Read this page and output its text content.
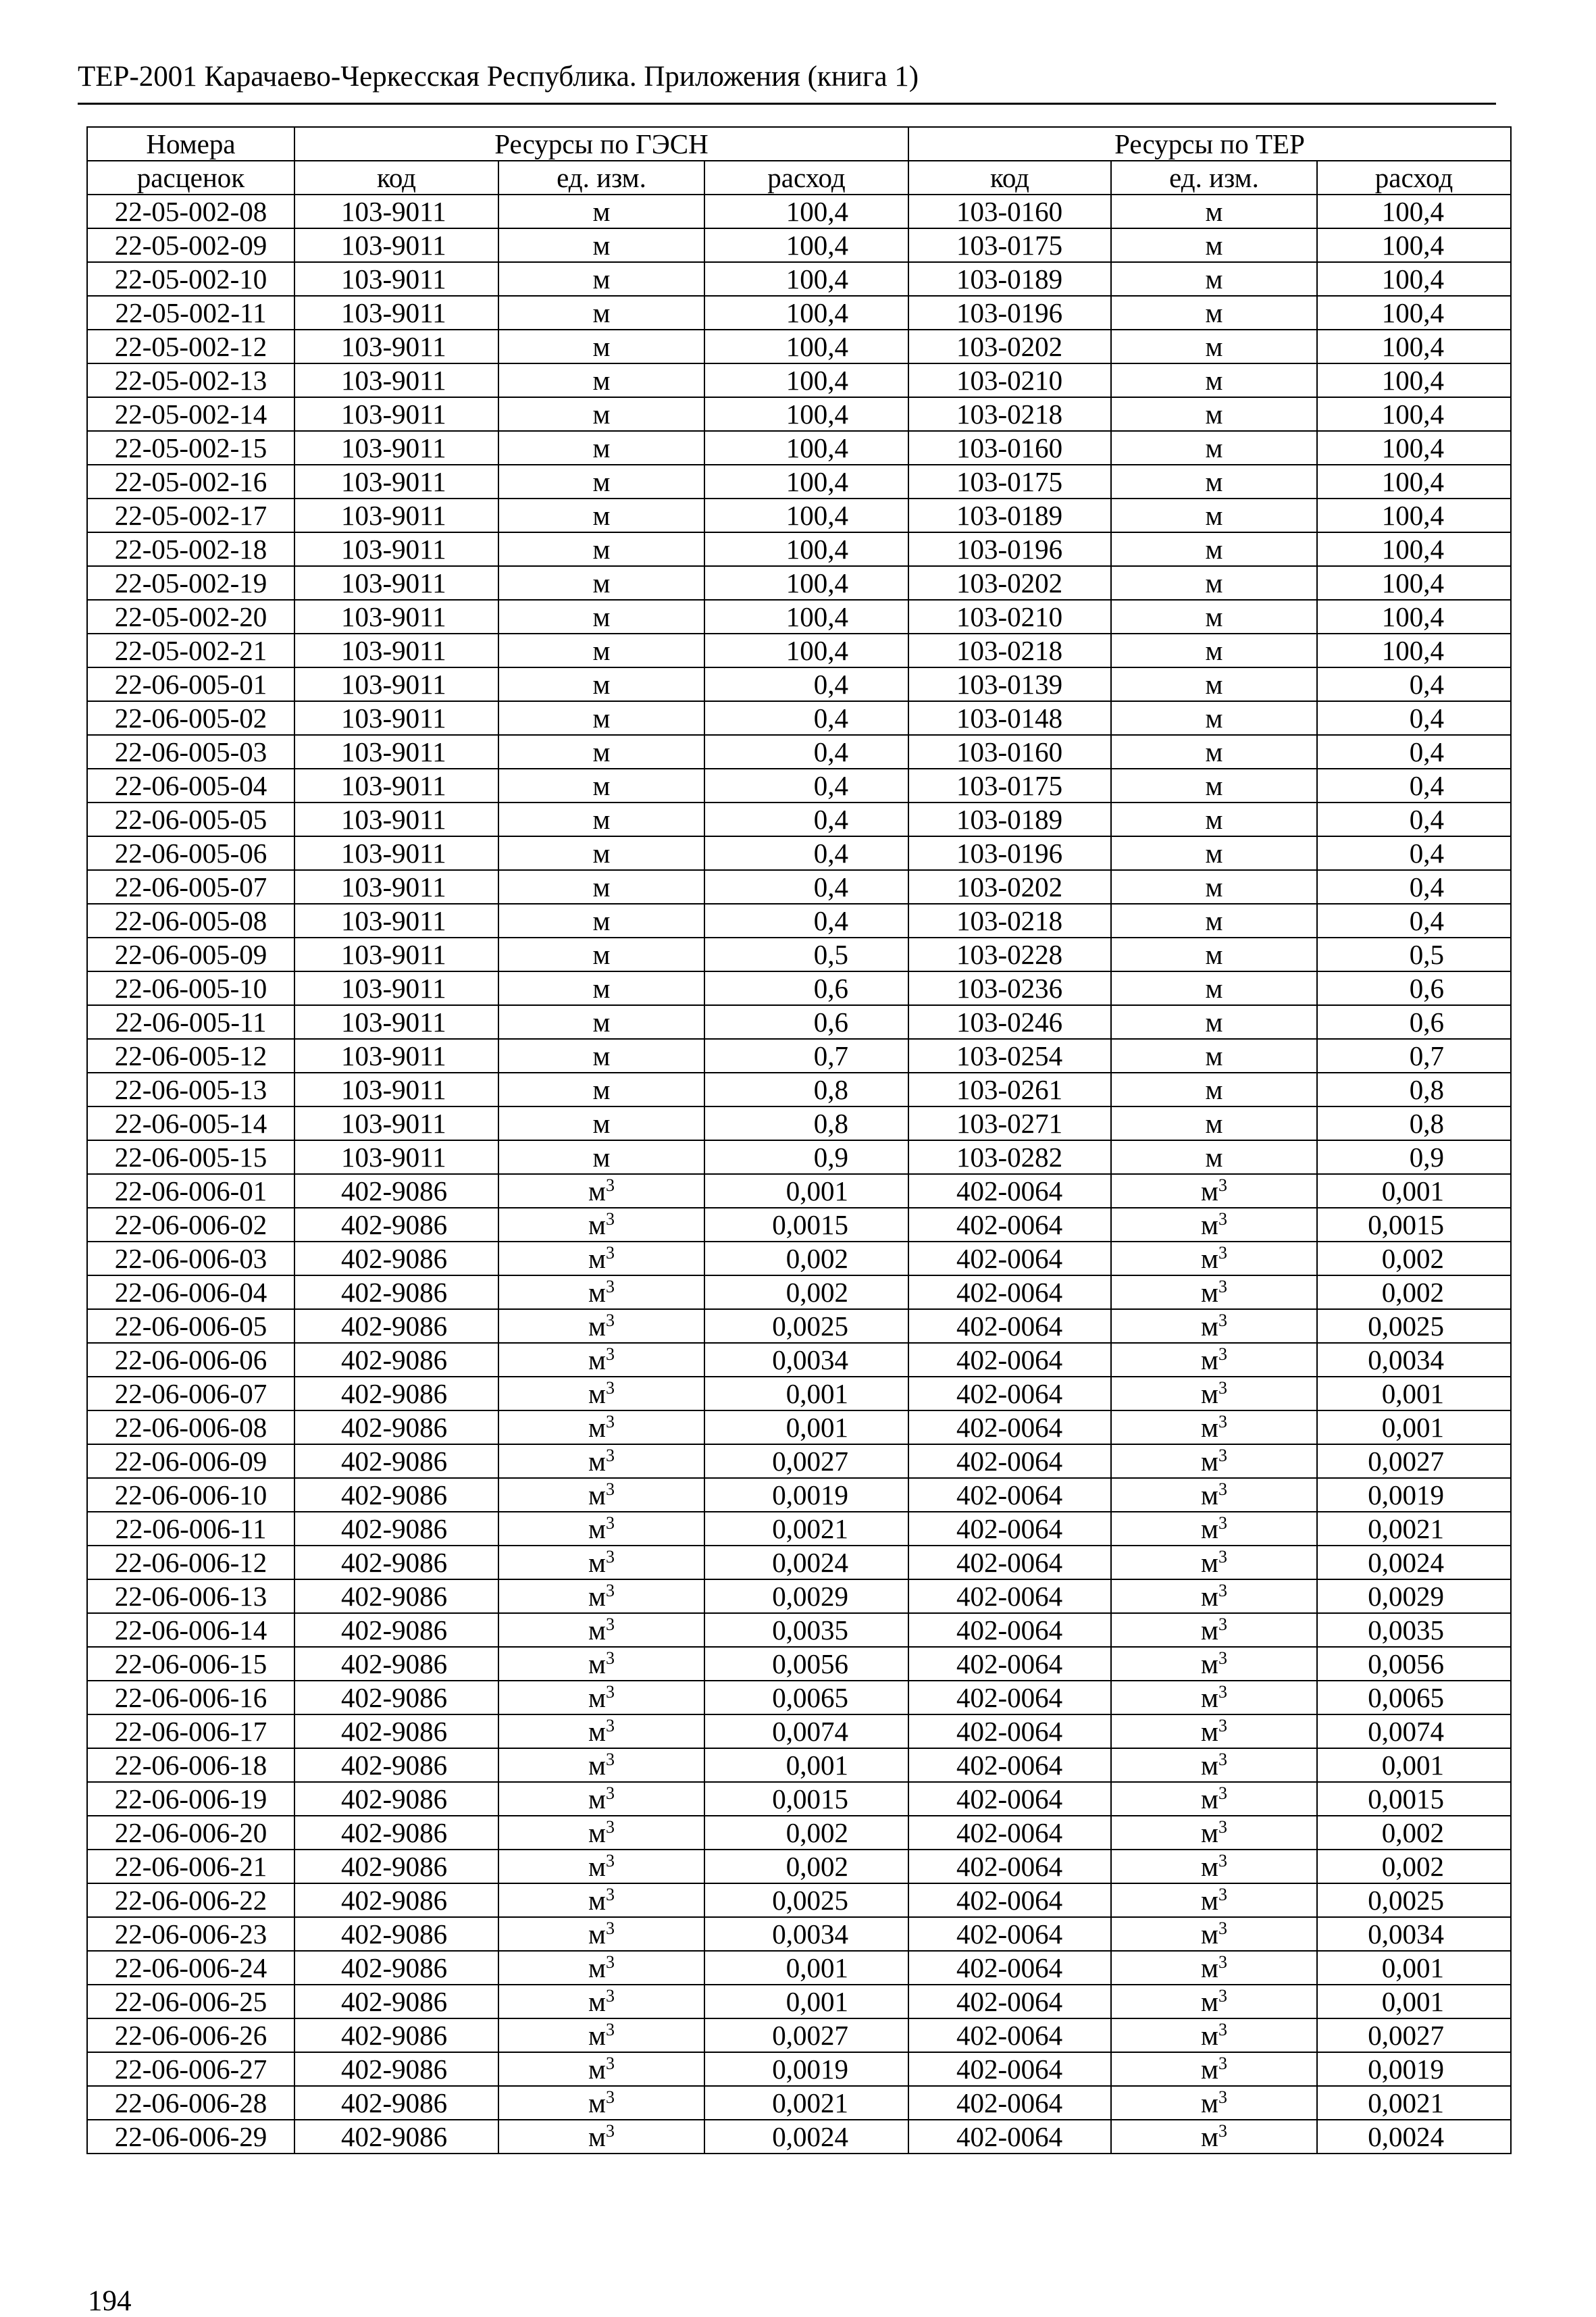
ТЕР-2001 Карачаево-Черкесская Республика. Приложения (книга 1)
Номера	Ресурсы по ГЭСН			Ресурсы по ТЕР		
расценок	код	ед. изм.	расход	код	ед. изм.	расход
22-05-002-08	103-9011	м	100,4	103-0160	м	100,4
22-05-002-09	103-9011	м	100,4	103-0175	м	100,4
22-05-002-10	103-9011	м	100,4	103-0189	м	100,4
22-05-002-11	103-9011	м	100,4	103-0196	м	100,4
22-05-002-12	103-9011	м	100,4	103-0202	м	100,4
22-05-002-13	103-9011	м	100,4	103-0210	м	100,4
22-05-002-14	103-9011	м	100,4	103-0218	м	100,4
22-05-002-15	103-9011	м	100,4	103-0160	м	100,4
22-05-002-16	103-9011	м	100,4	103-0175	м	100,4
22-05-002-17	103-9011	м	100,4	103-0189	м	100,4
22-05-002-18	103-9011	м	100,4	103-0196	м	100,4
22-05-002-19	103-9011	м	100,4	103-0202	м	100,4
22-05-002-20	103-9011	м	100,4	103-0210	м	100,4
22-05-002-21	103-9011	м	100,4	103-0218	м	100,4
22-06-005-01	103-9011	м	0,4	103-0139	м	0,4
22-06-005-02	103-9011	м	0,4	103-0148	м	0,4
22-06-005-03	103-9011	м	0,4	103-0160	м	0,4
22-06-005-04	103-9011	м	0,4	103-0175	м	0,4
22-06-005-05	103-9011	м	0,4	103-0189	м	0,4
22-06-005-06	103-9011	м	0,4	103-0196	м	0,4
22-06-005-07	103-9011	м	0,4	103-0202	м	0,4
22-06-005-08	103-9011	м	0,4	103-0218	м	0,4
22-06-005-09	103-9011	м	0,5	103-0228	м	0,5
22-06-005-10	103-9011	м	0,6	103-0236	м	0,6
22-06-005-11	103-9011	м	0,6	103-0246	м	0,6
22-06-005-12	103-9011	м	0,7	103-0254	м	0,7
22-06-005-13	103-9011	м	0,8	103-0261	м	0,8
22-06-005-14	103-9011	м	0,8	103-0271	м	0,8
22-06-005-15	103-9011	м	0,9	103-0282	м	0,9
22-06-006-01	402-9086	$м^3$	0,001	402-0064	$м^3$	0,001
22-06-006-02	402-9086	$м^3$	0,0015	402-0064	$м^3$	0,0015
22-06-006-03	402-9086	$м^3$	0,002	402-0064	$м^3$	0,002
22-06-006-04	402-9086	$м^3$	0,002	402-0064	$м^3$	0,002
22-06-006-05	402-9086	$м^3$	0,0025	402-0064	$м^3$	0,0025
22-06-006-06	402-9086	$м^3$	0,0034	402-0064	$м^3$	0,0034
22-06-006-07	402-9086	$м^3$	0,001	402-0064	$м^3$	0,001
22-06-006-08	402-9086	$м^3$	0,001	402-0064	$м^3$	0,001
22-06-006-09	402-9086	$м^3$	0,0027	402-0064	$м^3$	0,0027
22-06-006-10	402-9086	$м^3$	0,0019	402-0064	$м^3$	0,0019
22-06-006-11	402-9086	$м^3$	0,0021	402-0064	$м^3$	0,0021
22-06-006-12	402-9086	$м^3$	0,0024	402-0064	$м^3$	0,0024
22-06-006-13	402-9086	$м^3$	0,0029	402-0064	$м^3$	0,0029
22-06-006-14	402-9086	$м^3$	0,0035	402-0064	$м^3$	0,0035
22-06-006-15	402-9086	$м^3$	0,0056	402-0064	$м^3$	0,0056
22-06-006-16	402-9086	$м^3$	0,0065	402-0064	$м^3$	0,0065
22-06-006-17	402-9086	$м^3$	0,0074	402-0064	$м^3$	0,0074
22-06-006-18	402-9086	$м^3$	0,001	402-0064	$м^3$	0,001
22-06-006-19	402-9086	$м^3$	0,0015	402-0064	$м^3$	0,0015
22-06-006-20	402-9086	$м^3$	0,002	402-0064	$м^3$	0,002
22-06-006-21	402-9086	$м^3$	0,002	402-0064	$м^3$	0,002
22-06-006-22	402-9086	$м^3$	0,0025	402-0064	$м^3$	0,0025
22-06-006-23	402-9086	$м^3$	0,0034	402-0064	$м^3$	0,0034
22-06-006-24	402-9086	$м^3$	0,001	402-0064	$м^3$	0,001
22-06-006-25	402-9086	$м^3$	0,001	402-0064	$м^3$	0,001
22-06-006-26	402-9086	$м^3$	0,0027	402-0064	$м^3$	0,0027
22-06-006-27	402-9086	$м^3$	0,0019	402-0064	$м^3$	0,0019
22-06-006-28	402-9086	$м^3$	0,0021	402-0064	$м^3$	0,0021
22-06-006-29	402-9086	$м^3$	0,0024	402-0064	$м^3$	0,0024
194
